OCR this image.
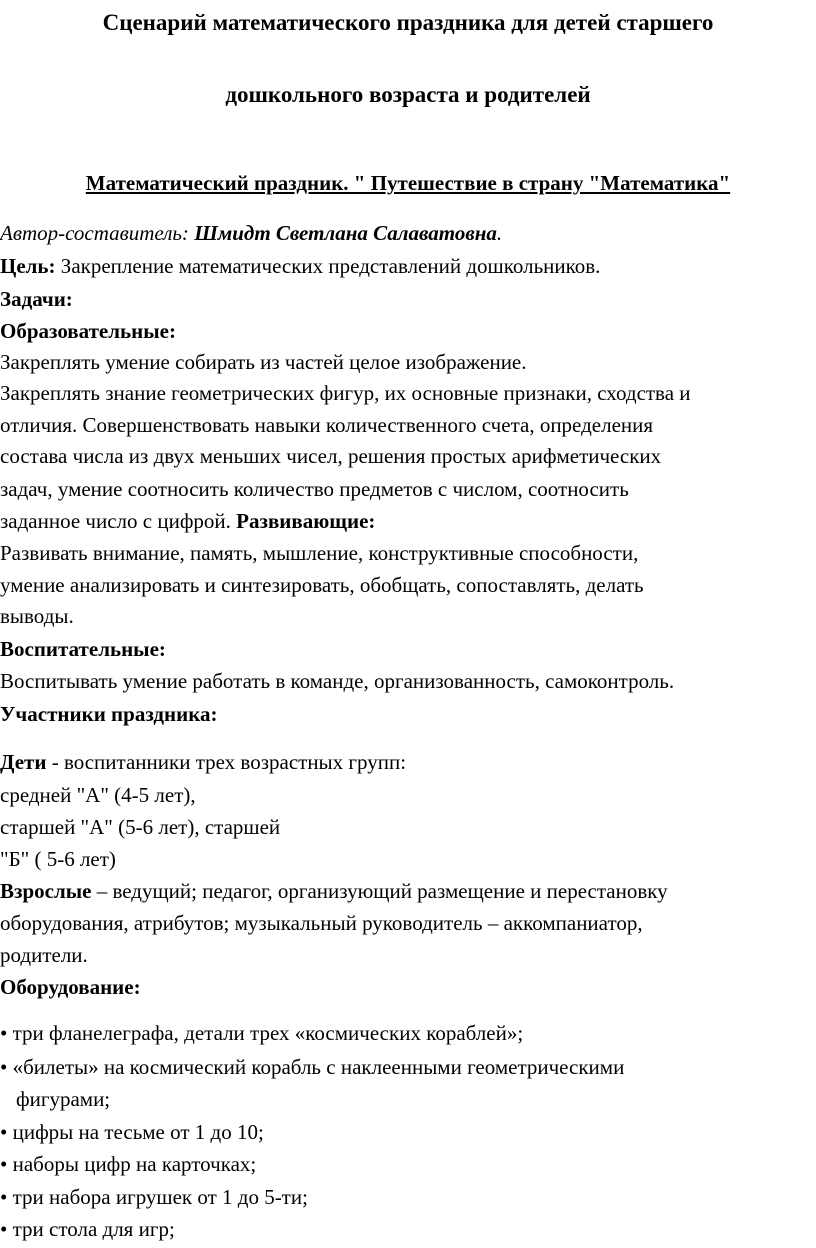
Сценарий математического праздника для детей старшего
дошкольного возраста и родителей
Математический праздник. " Путешествие в страну "Математика"
Автор-составитель: Шмидт Светлана Салаватовна.
Цель: Закрепление математических представлений дошкольников.
Задачи:
Образовательные:
Закреплять умение собирать из частей целое изображение.
Закреплять знание геометрических фигур, их основные признаки, сходства и
отличия. Совершенствовать навыки количественного счета, определения
состава числа из двух меньших чисел, решения простых арифметических
задач, умение соотносить количество предметов с числом, соотносить
заданное число с цифрой. Развивающие:
Развивать внимание, память, мышление, конструктивные способности,
умение анализировать и синтезировать, обобщать, сопоставлять, делать
выводы.
Воспитательные:
Воспитывать умение работать в команде, организованность, самоконтроль.
Участники праздника:
Дети - воспитанники трех возрастных групп:
средней "А" (4-5 лет),
старшей "А" (5-6 лет), старшей
"Б" ( 5-6 лет)
Взрослые – ведущий; педагог, организующий размещение и перестановку
оборудования, атрибутов; музыкальный руководитель – аккомпаниатор,
родители.
Оборудование:
• три фланелеграфа, детали трех «космических кораблей»;
• «билеты» на космический корабль с наклеенными геометрическими
фигурами;
• цифры на тесьме от 1 до 10;
• наборы цифр на карточках;
• три набора игрушек от 1 до 5-ти;
• три стола для игр;
